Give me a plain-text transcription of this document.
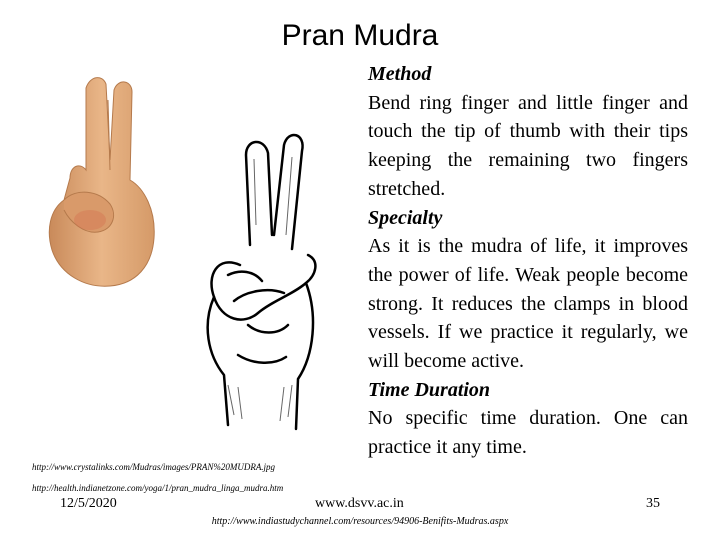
Pran Mudra

Method

Bend ring finger and little finger and touch the tip of thumb with their tips keeping the remaining two fingers stretched.

Specialty

As it is the mudra of life, it improves the power of life. Weak people become strong. It reduces the clamps in blood vessels. If we practice it regularly, we will become active.

Time Duration

No specific time duration. One can practice it any time.

http://www.crystalinks.com/Mudras/images/PRAN%20MUDRA.jpg
http://health.indianetzone.com/yoga/1/pran_mudra_linga_mudra.htm
12/5/2020	www.dsvv.ac.in	35
http://www.indiastudychannel.com/resources/94906-Benifits-Mudras.aspx
